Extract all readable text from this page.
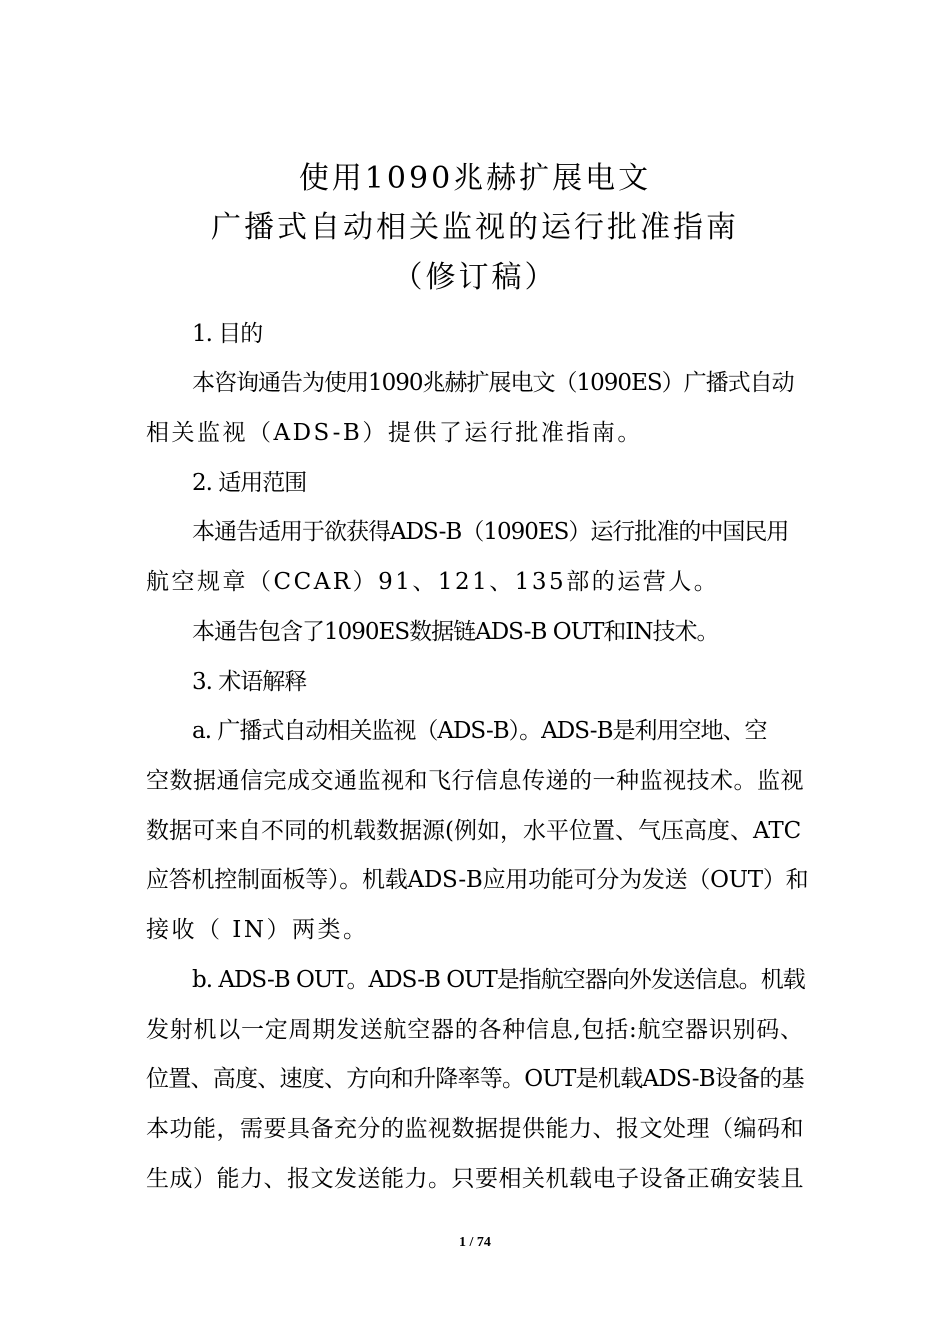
使用1090兆赫扩展电文
广播式自动相关监视的运行批准指南
（修订稿）
1. 目的
本咨询通告为使用1090兆赫扩展电文（1090ES）广播式自动
相关监视（ADS-B）提供了运行批准指南。
2. 适用范围
本通告适用于欲获得ADS-B（1090ES）运行批准的中国民用
航空规章（CCAR）91、121、135部的运营人。
本通告包含了1090ES数据链ADS-B OUT和IN技术。
3. 术语解释
a. 广播式自动相关监视（ADS-B）。ADS-B是利用空地、空
空数据通信完成交通监视和飞行信息传递的一种监视技术。监视
数据可来自不同的机载数据源(例如，水平位置、气压高度、ATC
应答机控制面板等）。机载ADS-B应用功能可分为发送（OUT）和
接收（ IN）两类。
b. ADS-B OUT。ADS-B OUT是指航空器向外发送信息。机载
发射机以一定周期发送航空器的各种信息,包括:航空器识别码、
位置、高度、速度、方向和升降率等。OUT是机载ADS-B设备的基
本功能，需要具备充分的监视数据提供能力、报文处理（编码和
生成）能力、报文发送能力。只要相关机载电子设备正确安装且
1 / 74
